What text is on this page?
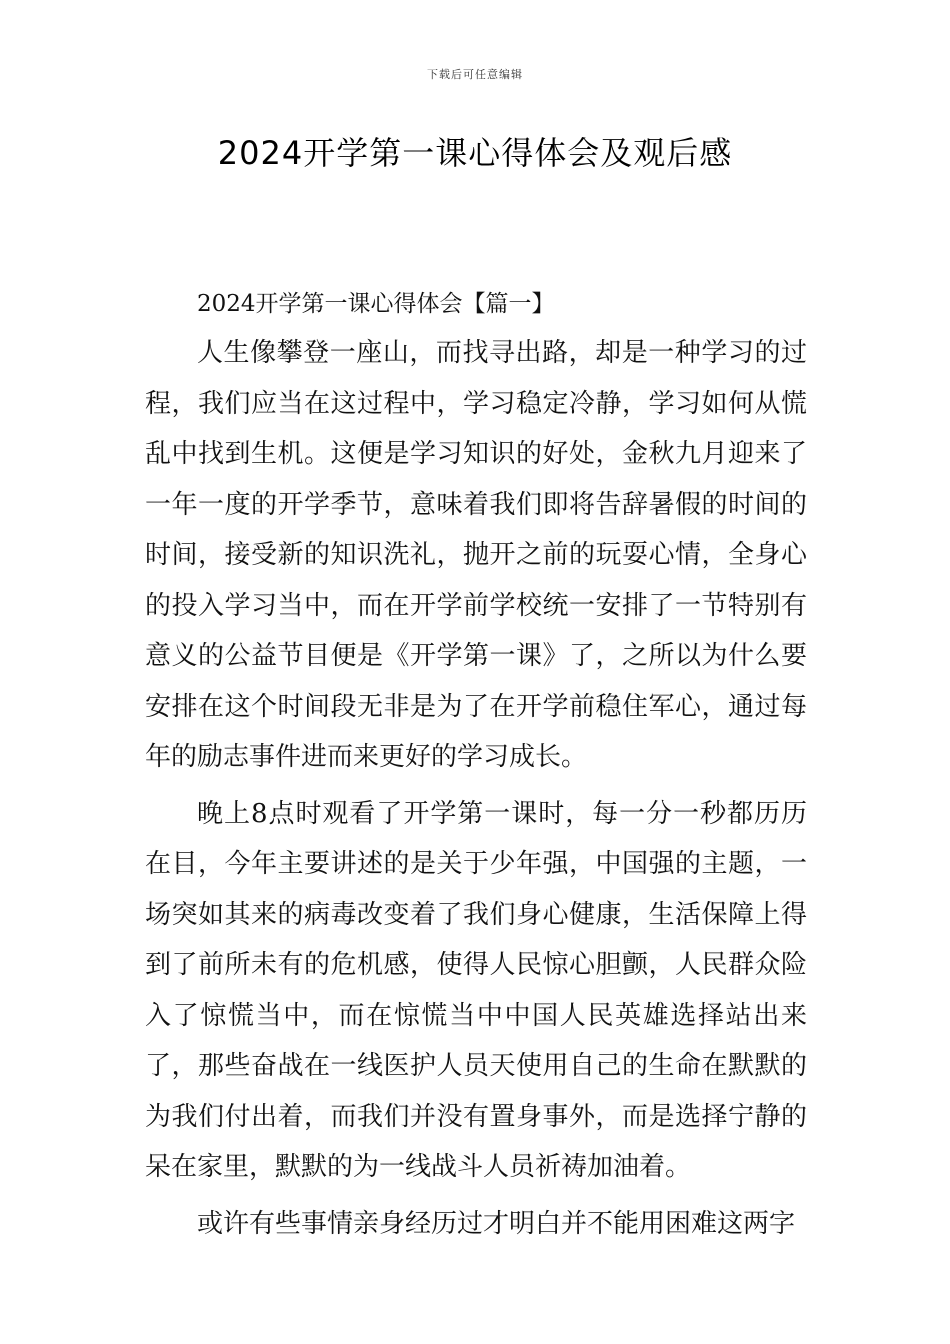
下载后可任意编辑
2024开学第一课心得体会及观后感

2024开学第一课心得体会【篇一】

人生像攀登一座山，而找寻出路，却是一种学习的过程，我们应当在这过程中，学习稳定冷静，学习如何从慌乱中找到生机。这便是学习知识的好处，金秋九月迎来了一年一度的开学季节，意味着我们即将告辞暑假的时间的时间，接受新的知识洗礼，抛开之前的玩耍心情，全身心的投入学习当中，而在开学前学校统一安排了一节特别有意义的公益节目便是《开学第一课》了，之所以为什么要安排在这个时间段无非是为了在开学前稳住军心，通过每年的励志事件进而来更好的学习成长。

晚上8点时观看了开学第一课时，每一分一秒都历历在目，今年主要讲述的是关于少年强，中国强的主题，一场突如其来的病毒改变着了我们身心健康，生活保障上得到了前所未有的危机感，使得人民惊心胆颤，人民群众险入了惊慌当中，而在惊慌当中中国人民英雄选择站出来了，那些奋战在一线医护人员天使用自己的生命在默默的为我们付出着，而我们并没有置身事外，而是选择宁静的呆在家里，默默的为一线战斗人员祈祷加油着。

或许有些事情亲身经历过才明白并不能用困难这两字
